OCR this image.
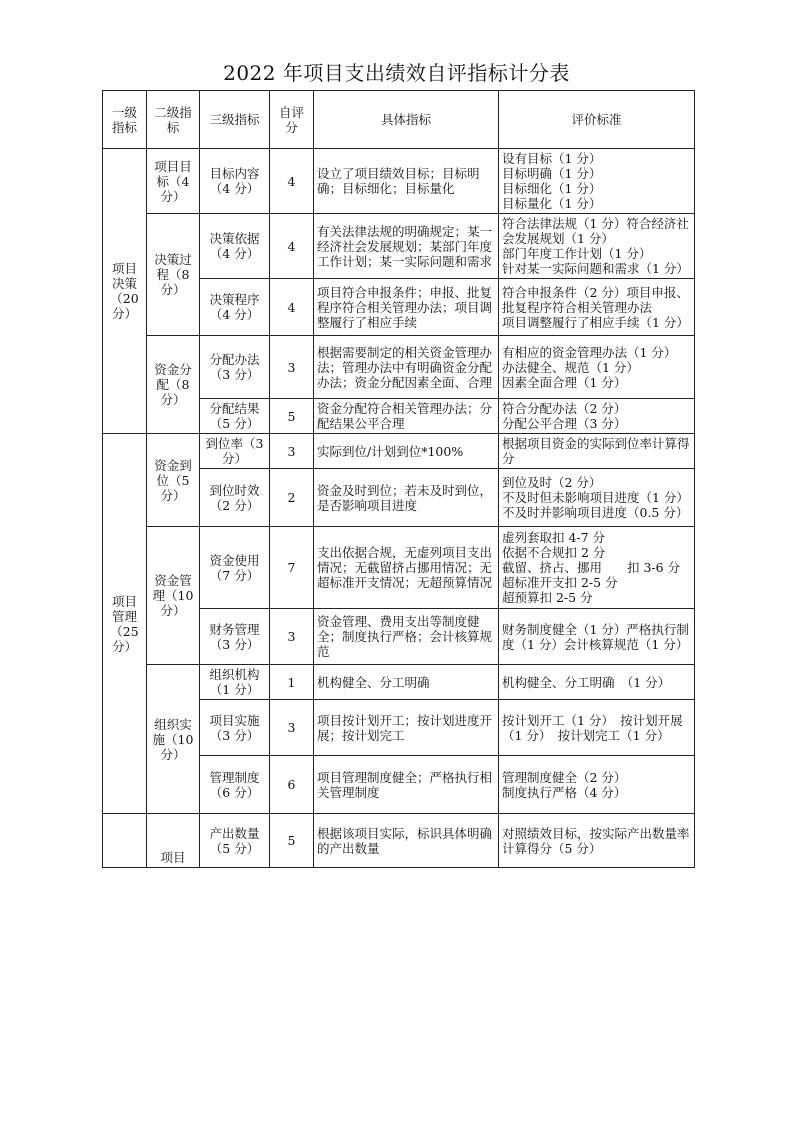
2022 年项目支出绩效自评指标计分表
一级指标	二级指标	三级指标	自评分	具体指标	评价标准
项目决策（20分）	项目目标（4分）	目标内容（4 分）	4	设立了项目绩效目标；目标明确；目标细化；目标量化	设有目标（1 分）
目标明确（1 分）
目标细化（1 分）
目标量化（1 分）
	决策过程（8分）	决策依据（4 分）	4	有关法律法规的明确规定；某一经济社会发展规划；某部门年度工作计划；某一实际问题和需求	符合法律法规（1 分）符合经济社会发展规划（1 分）
部门年度工作计划（1 分）
针对某一实际问题和需求（1 分）
		决策程序（4 分）	4	项目符合申报条件；申报、批复程序符合相关管理办法；项目调整履行了相应手续	符合申报条件（2 分）项目申报、批复程序符合相关管理办法
项目调整履行了相应手续（1 分）
	资金分配（8分）	分配办法（3 分）	3	根据需要制定的相关资金管理办法；管理办法中有明确资金分配办法；资金分配因素全面、合理	有相应的资金管理办法（1 分）
办法健全、规范（1 分）
因素全面合理（1 分）
		分配结果（5 分）	5	资金分配符合相关管理办法；分配结果公平合理	符合分配办法（2 分）
分配公平合理（3 分）
项目管理（25分）	资金到位（5分）	到位率（3 分）	3	实际到位/计划到位*100%	根据项目资金的实际到位率计算得分
		到位时效（2 分）	2	资金及时到位；若未及时到位，是否影响项目进度	到位及时（2 分）
不及时但未影响项目进度（1 分）
不及时并影响项目进度（0.5 分）
	资金管理（10分）	资金使用（7 分）	7	支出依据合规，无虚列项目支出情况；无截留挤占挪用情况；无超标准开支情况；无超预算情况	虚列套取扣 4-7 分
依据不合规扣 2 分
截留、挤占、挪用　　扣 3-6 分
超标准开支扣 2-5 分
超预算扣 2-5 分
		财务管理（3 分）	3	资金管理、费用支出等制度健全；制度执行严格；会计核算规范	财务制度健全（1 分）严格执行制度（1 分）会计核算规范（1 分）
	组织实施（10分）	组织机构（1 分）	1	机构健全、分工明确	机构健全、分工明确　（1 分）
		项目实施（3 分）	3	项目按计划开工；按计划进度开展；按计划完工	按计划开工（1 分）　按计划开展（1 分）　按计划完工（1 分）
		管理制度（6 分）	6	项目管理制度健全；严格执行相关管理制度	管理制度健全（2 分）
制度执行严格（4 分）
	项目	产出数量（5 分）	5	根据该项目实际，标识具体明确的产出数量	对照绩效目标，按实际产出数量率计算得分（5 分）
